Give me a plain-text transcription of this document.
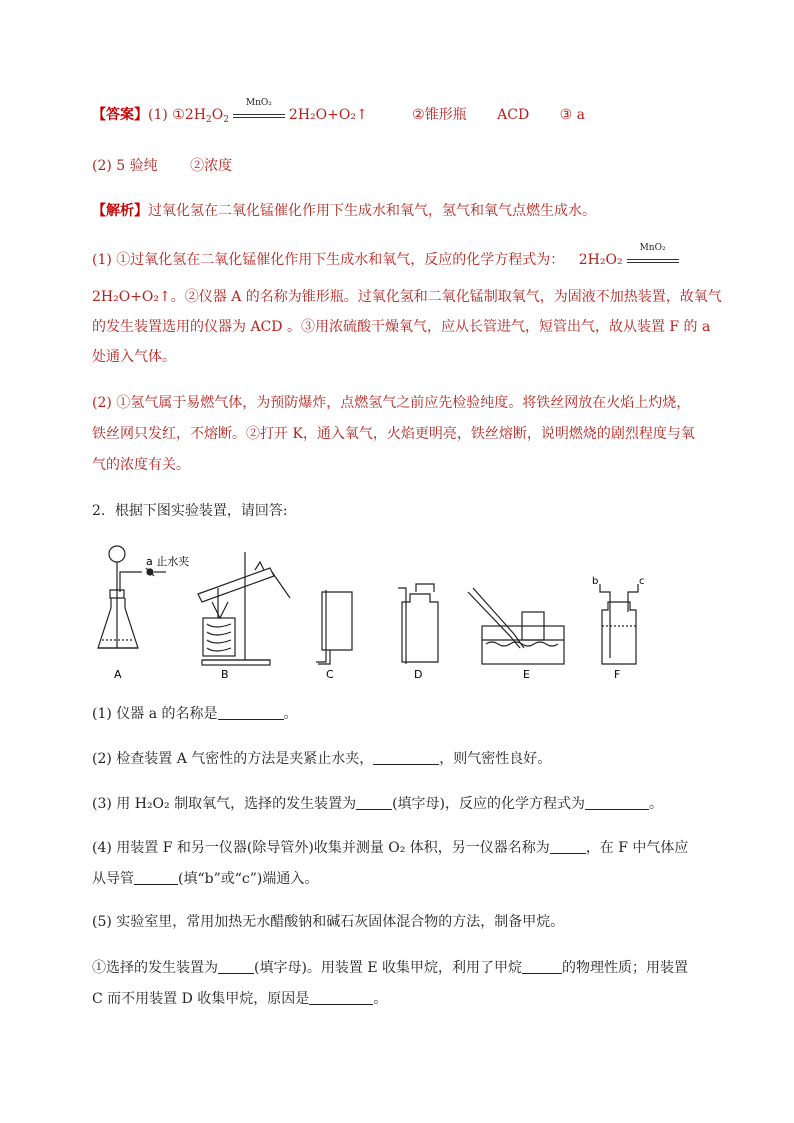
【答案】(1) $①2H_2O_2$
MnO₂
2H₂O+O₂↑	②锥形瓶 ACD ③ a
(2) 5 验纯 ②浓度
【解析】过氧化氢在二氧化锰催化作用下生成水和氧气，氢气和氧气点燃生成水。
(1) ①过氧化氢在二氧化锰催化作用下生成水和氧气，反应的化学方程式为： 2H₂O₂
MnO₂
2H₂O+O₂↑。②仪器 A 的名称为锥形瓶。过氧化氢和二氧化锰制取氧气，为固液不加热装置，故氧气
的发生装置选用的仪器为 ACD 。③用浓硫酸干燥氧气，应从长管进气，短管出气，故从装置 F 的 a
处通入气体。
(2) ①氢气属于易燃气体，为预防爆炸，点燃氢气之前应先检验纯度。将铁丝网放在火焰上灼烧，
铁丝网只发红，不熔断。②打开 K，通入氧气，火焰更明亮，铁丝熔断，说明燃烧的剧烈程度与氧
气的浓度有关。
2．根据下图实验装置，请回答:
a 止水夹
b	c
A	B	C	D	E	F
(1) 仪器 a 的名称是	。
(2) 检查装置 A 气密性的方法是夹紧止水夹，	，则气密性良好。
(3) 用 H₂O₂ 制取氧气，选择的发生装置为	(填字母)，反应的化学方程式为	。
(4) 用装置 F 和另一仪器(除导管外)收集并测量 O₂ 体积，另一仪器名称为	，在 F 中气体应
从导管	(填“b”或“c”)端通入。
(5) 实验室里，常用加热无水醋酸钠和碱石灰固体混合物的方法，制备甲烷。
①选择的发生装置为	(填字母)。用装置 E 收集甲烷，利用了甲烷	的物理性质；用装置
C 而不用装置 D 收集甲烷，原因是	。
